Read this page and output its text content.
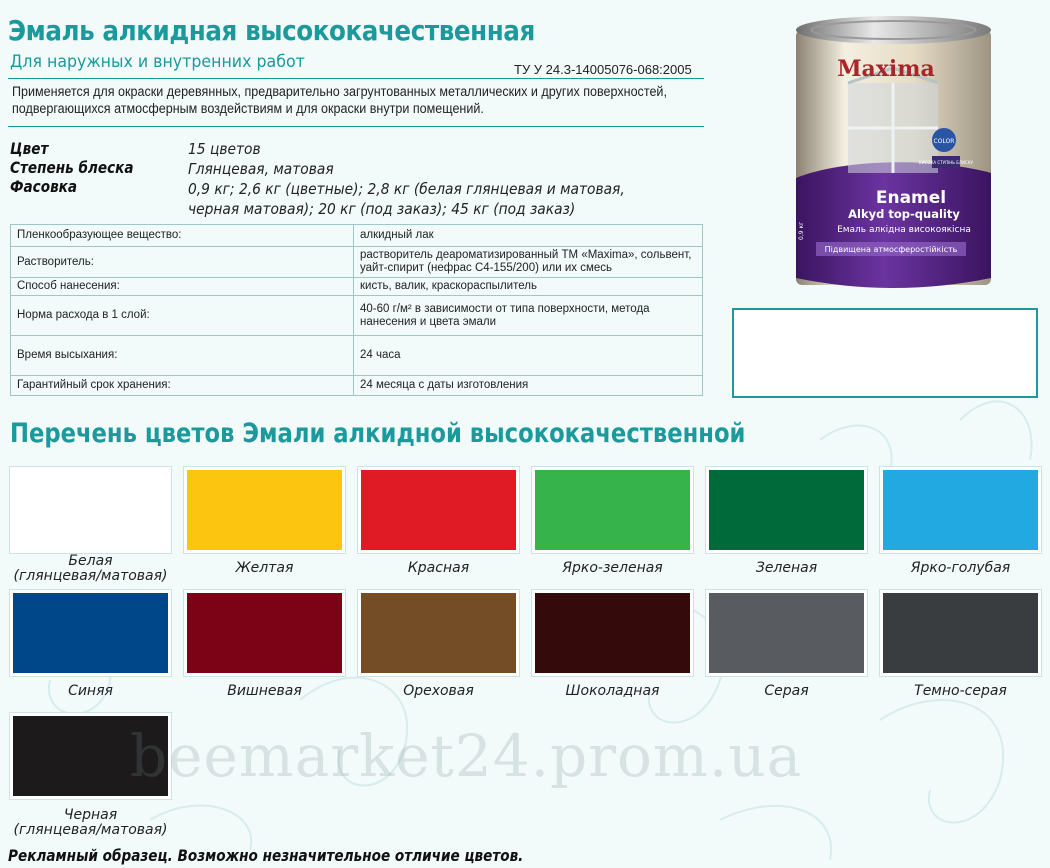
Эмаль алкидная высококачественная
Для наружных и внутренних работ	ТУ У 24.3-14005076-068:2005
Применяется для окраски деревянных, предварительно загрунтованных металлических и других поверхностей, подвергающихся атмосферным воздействиям и для окраски внутри помещений.
Цвет	15 цветов
Степень блеска	Глянцевая, матовая
Фасовка	0,9 кг; 2,6 кг (цветные); 2,8 кг (белая глянцевая и матовая,
черная матовая); 20 кг (под заказ); 45 кг (под заказ)
Пленкообразующее вещество:	алкидный лак
Растворитель:	растворитель деароматизированный ТМ «Maxima», сольвент, уайт-спирит (нефрас С4-155/200) или их смесь
Способ нанесения:	кисть, валик, краскораспылитель
Норма расхода в 1 слой:	40-60 г/м² в зависимости от типа поверхности, метода нанесения и цвета эмали
Время высыхания:	24 часа
Гарантийный срок хранения:	24 месяца с даты изготовления
COLOR
ВИСОКА СТУПІНЬ БЛИСКУ
Maxima
Enamel
Alkyd top-quality
Емаль алкідна високоякісна
Підвищена атмосферостійкість
0,9 кг
Перечень цветов Эмали алкидной высококачественной
Белая
(глянцевая/матовая)	Желтая	Красная	Ярко-зеленая	Зеленая	Ярко-голубая
Синяя	Вишневая	Ореховая	Шоколадная	Серая	Темно-серая
Черная
(глянцевая/матовая)
beemarket24.prom.ua
Рекламный образец. Возможно незначительное отличие цветов.
